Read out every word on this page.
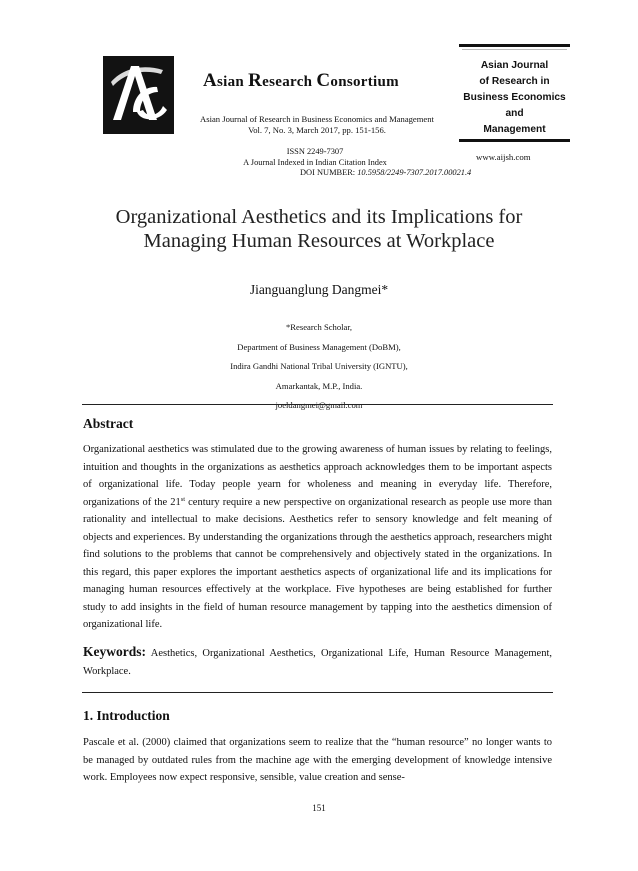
Asian Research Consortium
Asian Journal of Research in Business Economics and Management
Vol. 7, No. 3, March 2017, pp. 151-156.
ISSN 2249-7307
A Journal Indexed in Indian Citation Index
DOI NUMBER: 10.5958/2249-7307.2017.00021.4
Asian Journal
of Research in
Business Economics
and
Management
www.aijsh.com
Organizational Aesthetics and its Implications for
Managing Human Resources at Workplace
Jianguanglung Dangmei*
*Research Scholar,
Department of Business Management (DoBM),
Indira Gandhi National Tribal University (IGNTU),
Amarkantak, M.P., India.
joeldangmei@gmail.com
Abstract
Organizational aesthetics was stimulated due to the growing awareness of human issues by relating to feelings, intuition and thoughts in the organizations as aesthetics approach acknowledges them to be important aspects of organizational life. Today people yearn for wholeness and meaning in everyday life. Therefore, organizations of the 21st century require a new perspective on organizational research as people use more than rationality and intellectual to make decisions. Aesthetics refer to sensory knowledge and felt meaning of objects and experiences. By understanding the organizations through the aesthetics approach, researchers might find solutions to the problems that cannot be comprehensively and objectively stated in the organizations. In this regard, this paper explores the important aesthetics aspects of organizational life and its implications for managing human resources effectively at the workplace. Five hypotheses are being established for further study to add insights in the field of human resource management by tapping into the aesthetics dimension of organizational life.
Keywords: Aesthetics, Organizational Aesthetics, Organizational Life, Human Resource Management, Workplace.
1. Introduction
Pascale et al. (2000) claimed that organizations seem to realize that the “human resource” no longer wants to be managed by outdated rules from the machine age with the emerging development of knowledge intensive work. Employees now expect responsive, sensible, value creation and sense-
151
